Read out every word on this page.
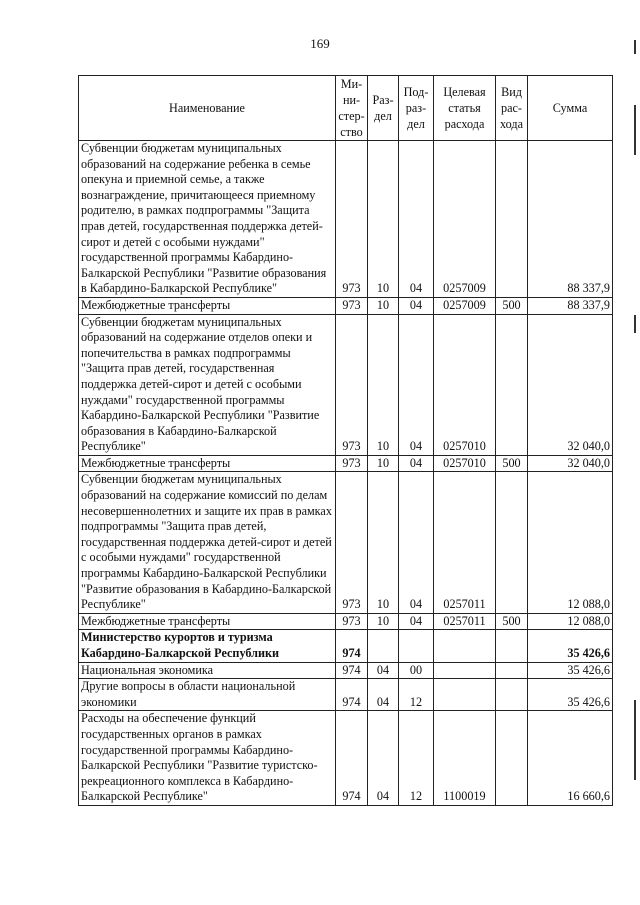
169
Наименование	Ми-ни-стер-ство	Раз-дел	Под-раз-дел	Целевая статья расхода	Вид рас-хода	Сумма
Субвенции бюджетам муниципальных образований на содержание ребенка в семье опекуна и приемной семье, а также вознаграждение, причитающееся приемному родителю, в рамках подпрограммы "Защита прав детей, государственная поддержка детей-сирот и детей с особыми нуждами" государственной программы Кабардино-Балкарской Республики "Развитие образования в Кабардино-Балкарской Республике"	973	10	04	0257009		88 337,9
Межбюджетные трансферты	973	10	04	0257009	500	88 337,9
Субвенции бюджетам муниципальных образований на содержание отделов опеки и попечительства в рамках подпрограммы "Защита прав детей, государственная поддержка детей-сирот и детей с особыми нуждами" государственной программы Кабардино-Балкарской Республики "Развитие образования в Кабардино-Балкарской Республике"	973	10	04	0257010		32 040,0
Межбюджетные трансферты	973	10	04	0257010	500	32 040,0
Субвенции бюджетам муниципальных образований на содержание комиссий по делам несовершеннолетних и защите их прав в рамках подпрограммы "Защита прав детей, государственная поддержка детей-сирот и детей с особыми нуждами" государственной программы Кабардино-Балкарской Республики "Развитие образования в Кабардино-Балкарской Республике"	973	10	04	0257011		12 088,0
Межбюджетные трансферты	973	10	04	0257011	500	12 088,0
Министерство курортов и туризма Кабардино-Балкарской Республики	974					35 426,6
Национальная экономика	974	04	00			35 426,6
Другие вопросы в области национальной экономики	974	04	12			35 426,6
Расходы на обеспечение функций государственных органов в рамках государственной программы Кабардино-Балкарской Республики "Развитие туристско-рекреационного комплекса в Кабардино-Балкарской Республике"	974	04	12	1100019		16 660,6
